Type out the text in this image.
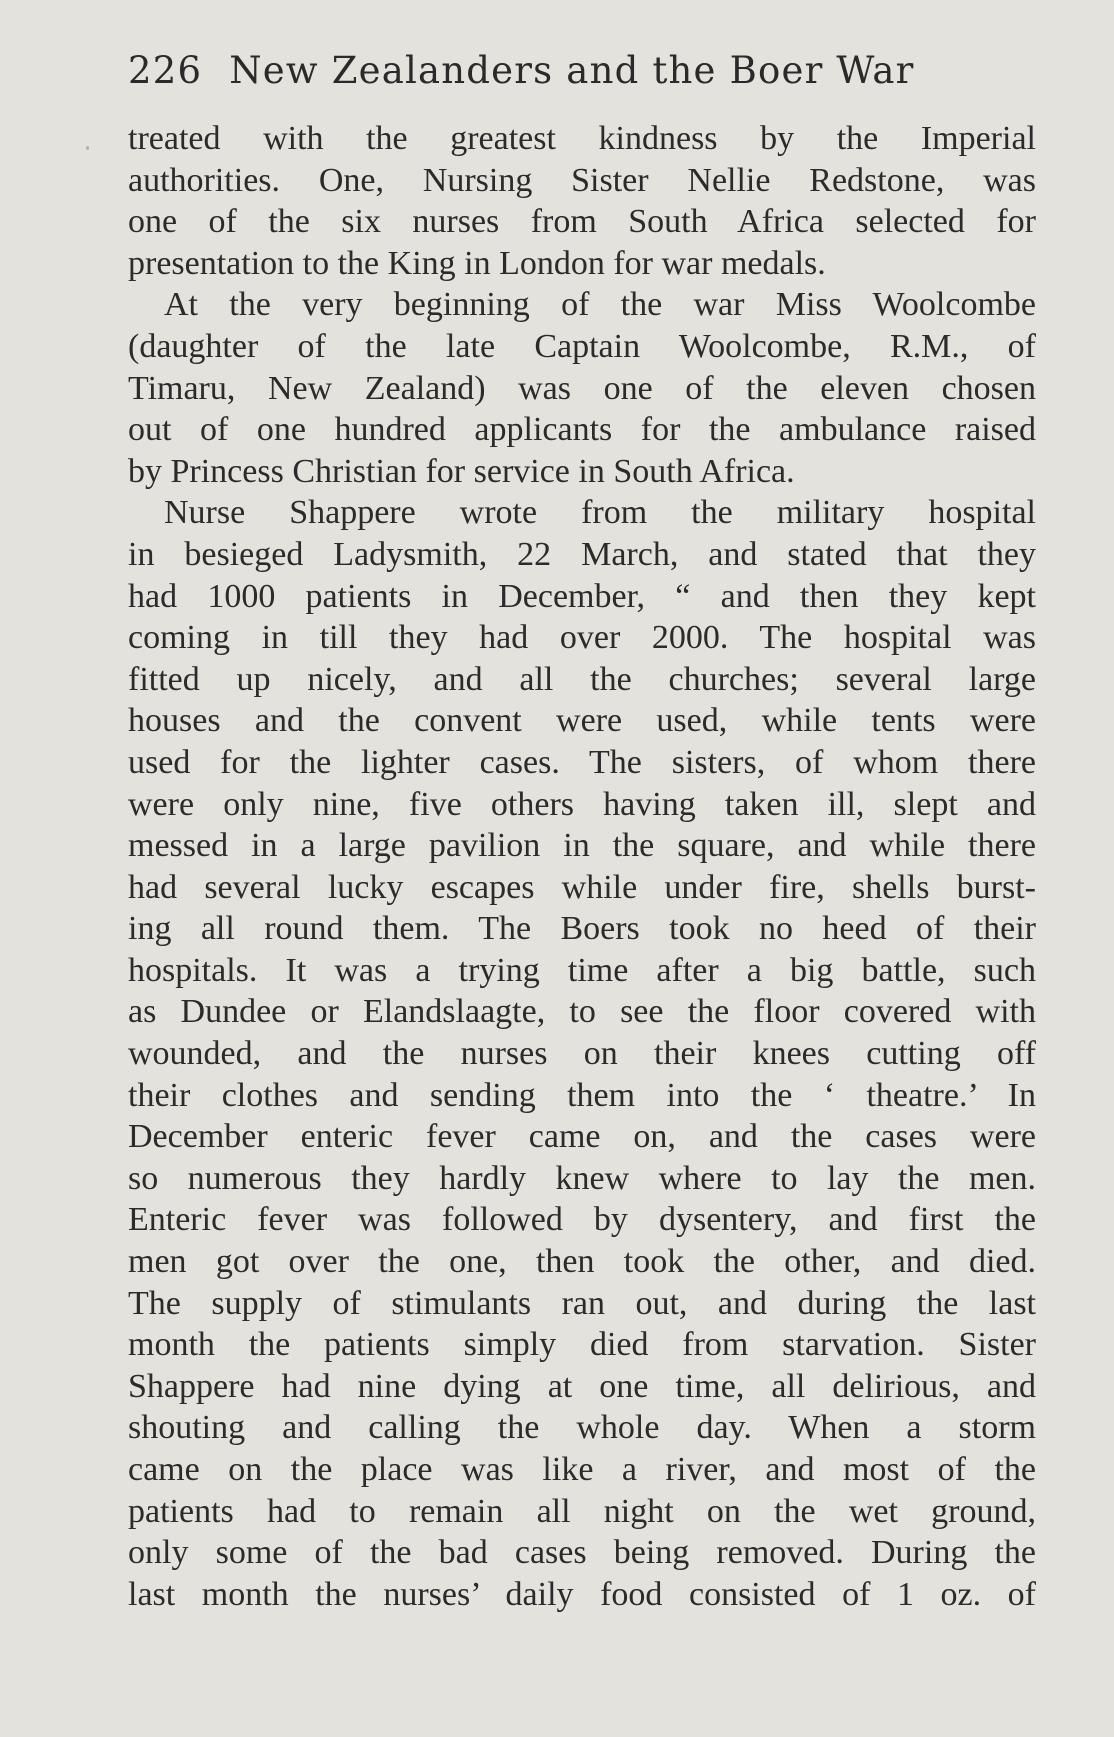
226 New Zealanders and the Boer War
treated with the greatest kindness by the Imperial
authorities. One, Nursing Sister Nellie Redstone, was
one of the six nurses from South Africa selected for
presentation to the King in London for war medals.
At the very beginning of the war Miss Woolcombe
(daughter of the late Captain Woolcombe, R.M., of
Timaru, New Zealand) was one of the eleven chosen
out of one hundred applicants for the ambulance raised
by Princess Christian for service in South Africa.
Nurse Shappere wrote from the military hospital
in besieged Ladysmith, 22 March, and stated that they
had 1000 patients in December, “ and then they kept
coming in till they had over 2000. The hospital was
fitted up nicely, and all the churches; several large
houses and the convent were used, while tents were
used for the lighter cases. The sisters, of whom there
were only nine, five others having taken ill, slept and
messed in a large pavilion in the square, and while there
had several lucky escapes while under fire, shells burst-
ing all round them. The Boers took no heed of their
hospitals. It was a trying time after a big battle, such
as Dundee or Elandslaagte, to see the floor covered with
wounded, and the nurses on their knees cutting off
their clothes and sending them into the ‘ theatre.’ In
December enteric fever came on, and the cases were
so numerous they hardly knew where to lay the men.
Enteric fever was followed by dysentery, and first the
men got over the one, then took the other, and died.
The supply of stimulants ran out, and during the last
month the patients simply died from starvation. Sister
Shappere had nine dying at one time, all delirious, and
shouting and calling the whole day. When a storm
came on the place was like a river, and most of the
patients had to remain all night on the wet ground,
only some of the bad cases being removed. During the
last month the nurses’ daily food consisted of 1 oz. of
